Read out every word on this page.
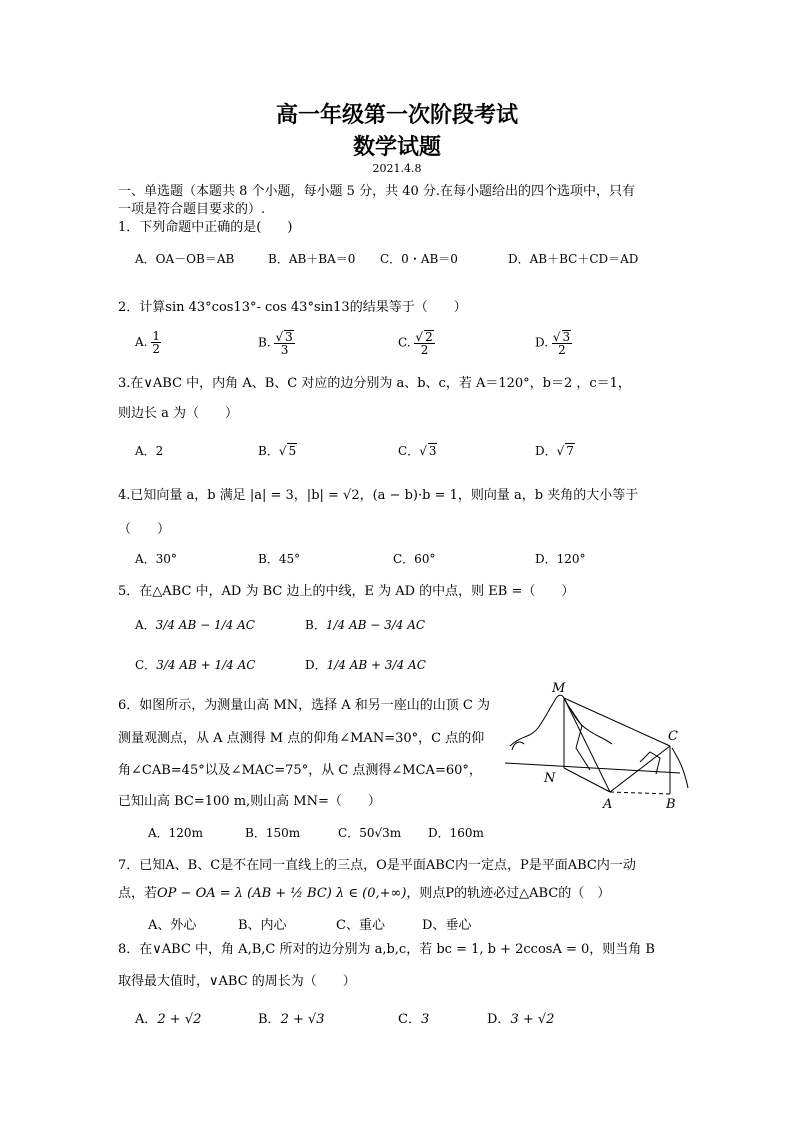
高一年级第一次阶段考试
数学试题
2021.4.8
一、单选题（本题共 8 个小题，每小题 5 分，共 40 分.在每小题给出的四个选项中，只有
一项是符合题目要求的）.
1．下列命题中正确的是(　　)
A．OA－OB＝AB	B．AB＋BA＝0 C．0・AB＝0	D．AB＋BC＋CD＝AD
2．计算sin 43°cos13°- cos 43°sin13的结果等于（　　）
A. $\frac{1}{2}$	B. $\frac{√ 3}{3}$	C. $\frac{√ 2}{2}$	D. $\frac{√ 3}{2}$
3.在∨ABC 中，内角 A、B、C 对应的边分别为 a、b、c，若 A＝120°，b＝2 ，c＝1，
则边长 a 为（　　）
A．2	B．√ 5	C．√ 3	D．√ 7
4.已知向量 a，b 满足 |a| = 3，|b| = √2，(a − b)·b = 1，则向量 a，b 夹角的大小等于
（　　）
A．30°	B．45°	C．60°	D．120°
5．在△ABC 中，AD 为 BC 边上的中线，E 为 AD 的中点，则 EB =（　　）
A．3/4 AB − 1/4 AC	B．1/4 AB − 3/4 AC
C．3/4 AB + 1/4 AC	D．1/4 AB + 3/4 AC
6．如图所示，为测量山高 MN，选择 A 和另一座山的山顶 C 为
测量观测点，从 A 点测得 M 点的仰角∠MAN=30°，C 点的仰
角∠CAB=45°以及∠MAC=75°，从 C 点测得∠MCA=60°，
已知山高 BC=100 m,则山高 MN=（　　）
A．120m	B．150m	C．50√3m D．160m
M
C
N
A	B
7．已知A、B、C是不在同一直线上的三点，O是平面ABC内一定点，P是平面ABC内一动
点，若OP − OA = λ (AB + ½ BC) λ ∈ (0,+∞)，则点P的轨迹必过△ABC的（　）
A、外心	B、内心	C、重心	D、垂心
8．在∨ABC 中，角 A,B,C 所对的边分别为 a,b,c，若 bc = 1, b + 2ccosA = 0，则当角 B
取得最大值时，∨ABC 的周长为（　　）
A．2 + √2	B．2 + √3	C．3	D．3 + √2
